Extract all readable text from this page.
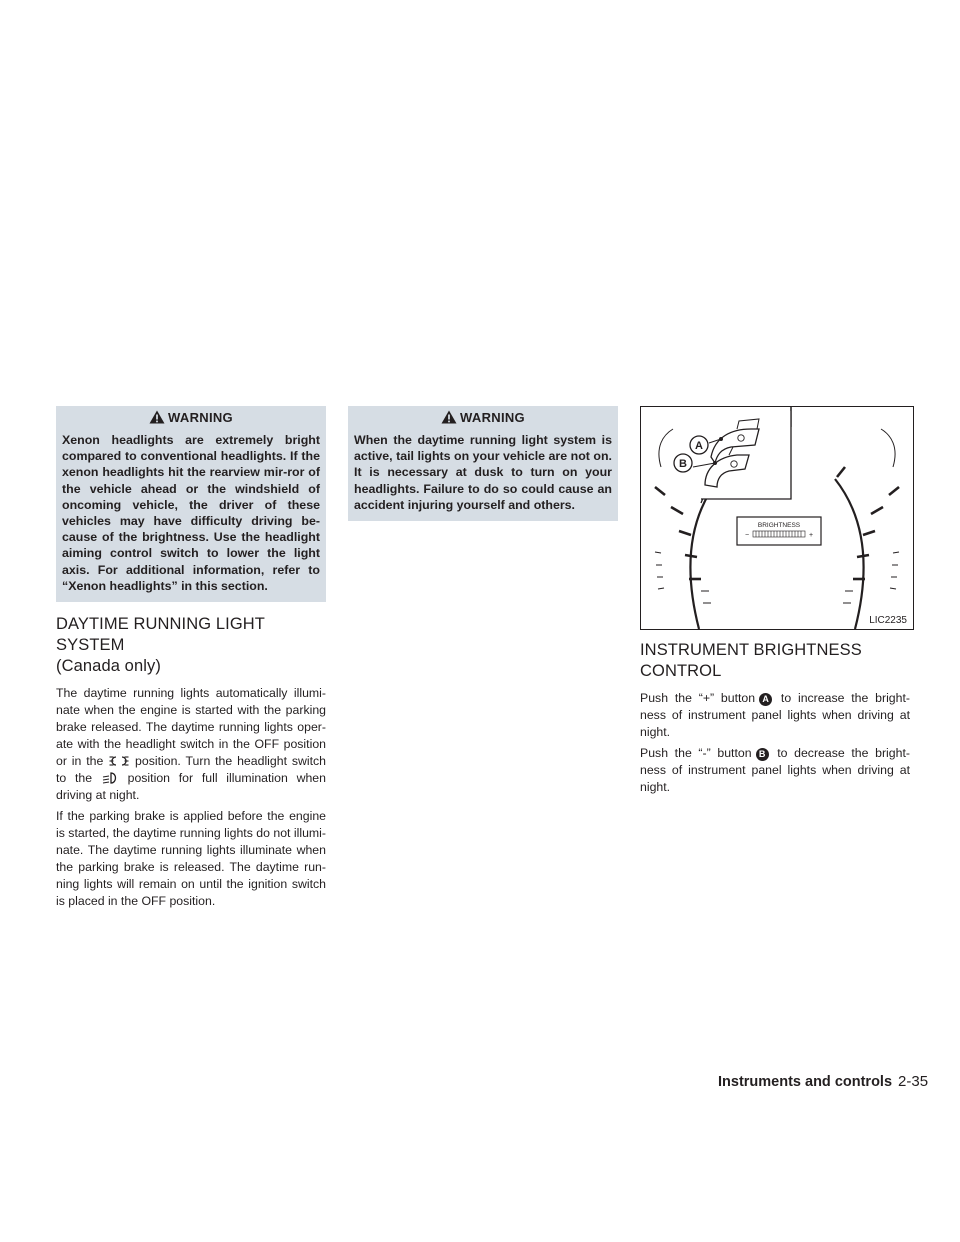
WARNING

Xenon headlights are extremely bright compared to conventional headlights. If the xenon headlights hit the rearview mir-ror of the vehicle ahead or the windshield of oncoming vehicle, the driver of these vehicles may have difficulty driving be-cause of the brightness. Use the headlight aiming control switch to lower the light axis. For additional information, refer to “Xenon headlights” in this section.

DAYTIME RUNNING LIGHT SYSTEM
(Canada only)

The daytime running lights automatically illumi-nate when the engine is started with the parking brake released. The daytime running lights oper-ate with the headlight switch in the OFF position or in the	position. Turn the headlight switch to the	position for full illumination when driving at night.

If the parking brake is applied before the engine is started, the daytime running lights do not illumi-nate. The daytime running lights illuminate when the parking brake is released. The daytime run-ning lights will remain on until the ignition switch is placed in the OFF position.

WARNING

When the daytime running light system is active, tail lights on your vehicle are not on. It is necessary at dusk to turn on your headlights. Failure to do so could cause an accident injuring yourself and others.

A
B
BRIGHTNESS
−	+
LIC2235
INSTRUMENT BRIGHTNESS
CONTROL

Push the “+” button A to increase the bright-ness of instrument panel lights when driving at night.

Push the “-” button B to decrease the bright-ness of instrument panel lights when driving at night.

Instruments and controls 2-35
